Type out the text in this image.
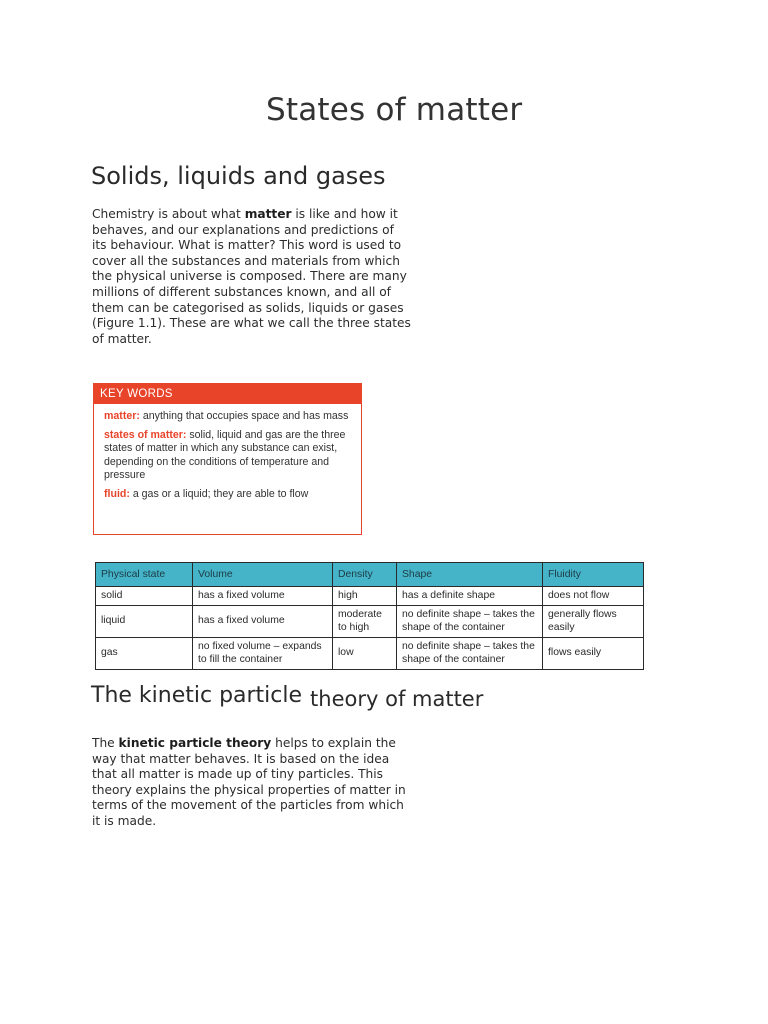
States of matter
Solids, liquids and gases
Chemistry is about what matter is like and how it behaves, and our explanations and predictions of its behaviour. What is matter? This word is used to cover all the substances and materials from which the physical universe is composed. There are many millions of different substances known, and all of them can be categorised as solids, liquids or gases (Figure 1.1). These are what we call the three states of matter.
KEY WORDS
matter: anything that occupies space and has mass
states of matter: solid, liquid and gas are the three states of matter in which any substance can exist, depending on the conditions of temperature and pressure
fluid: a gas or a liquid; they are able to flow
Physical state	Volume	Density	Shape	Fluidity
solid	has a fixed volume	high	has a definite shape	does not flow
liquid	has a fixed volume	moderate to high	no definite shape – takes the shape of the container	generally flows easily
gas	no fixed volume – expands to fill the container	low	no definite shape – takes the shape of the container	flows easily
The kinetic particle theory of matter
The kinetic particle theory helps to explain the way that matter behaves. It is based on the idea that all matter is made up of tiny particles. This theory explains the physical properties of matter in terms of the movement of the particles from which it is made.
